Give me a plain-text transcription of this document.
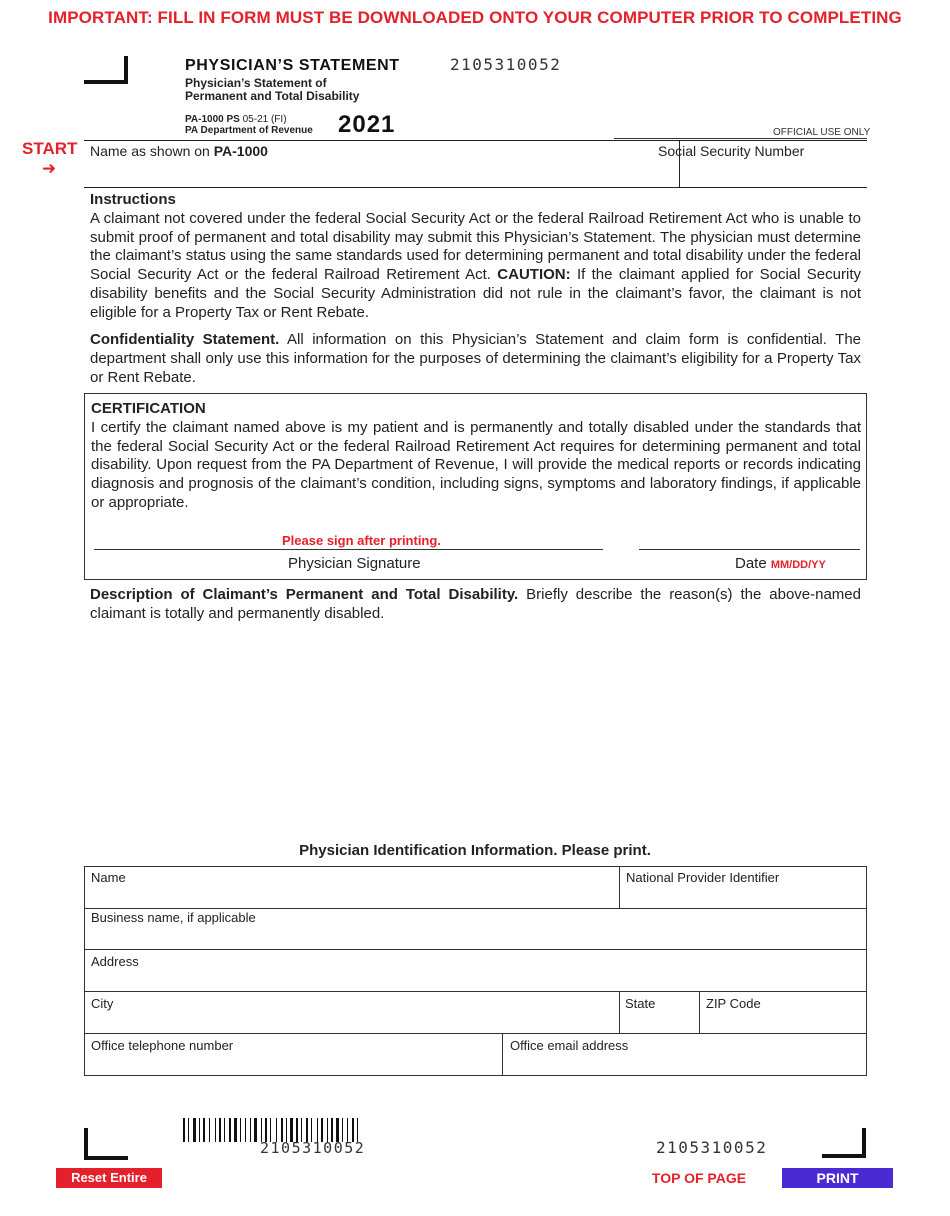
IMPORTANT: FILL IN FORM MUST BE DOWNLOADED ONTO YOUR COMPUTER PRIOR TO COMPLETING
PHYSICIAN’S STATEMENT
Physician’s Statement of
Permanent and Total Disability
2105310052
PA-1000 PS 05-21 (FI)
PA Department of Revenue 2021	OFFICIAL USE ONLY
START
➜
Name as shown on PA-1000	Social Security Number
Instructions
A claimant not covered under the federal Social Security Act or the federal Railroad Retirement Act who is unable to submit proof of permanent and total disability may submit this Physician’s Statement. The physician must determine the claimant’s status using the same standards used for determining permanent and total disability under the federal Social Security Act or the federal Railroad Retirement Act. CAUTION: If the claimant applied for Social Security disability benefits and the Social Security Administration did not rule in the claimant’s favor, the claimant is not eligible for a Property Tax or Rent Rebate.
Confidentiality Statement. All information on this Physician’s Statement and claim form is confidential. The department shall only use this information for the purposes of determining the claimant’s eligibility for a Property Tax or Rent Rebate.
CERTIFICATION
I certify the claimant named above is my patient and is permanently and totally disabled under the standards that the federal Social Security Act or the federal Railroad Retirement Act requires for determining permanent and total disability. Upon request from the PA Department of Revenue, I will provide the medical reports or records indicating diagnosis and prognosis of the claimant’s condition, including signs, symptoms and laboratory findings, if applicable or appropriate.
Please sign after printing.
Physician Signature	Date MM/DD/YY
Description of Claimant’s Permanent and Total Disability. Briefly describe the reason(s) the above-named claimant is totally and permanently disabled.
Physician Identification Information. Please print.
Name	National Provider Identifier
Business name, if applicable
Address
City	State	ZIP Code
Office telephone number	Office email address
2105310052	2105310052
Reset Entire Form
TOP OF PAGE	PRINT
